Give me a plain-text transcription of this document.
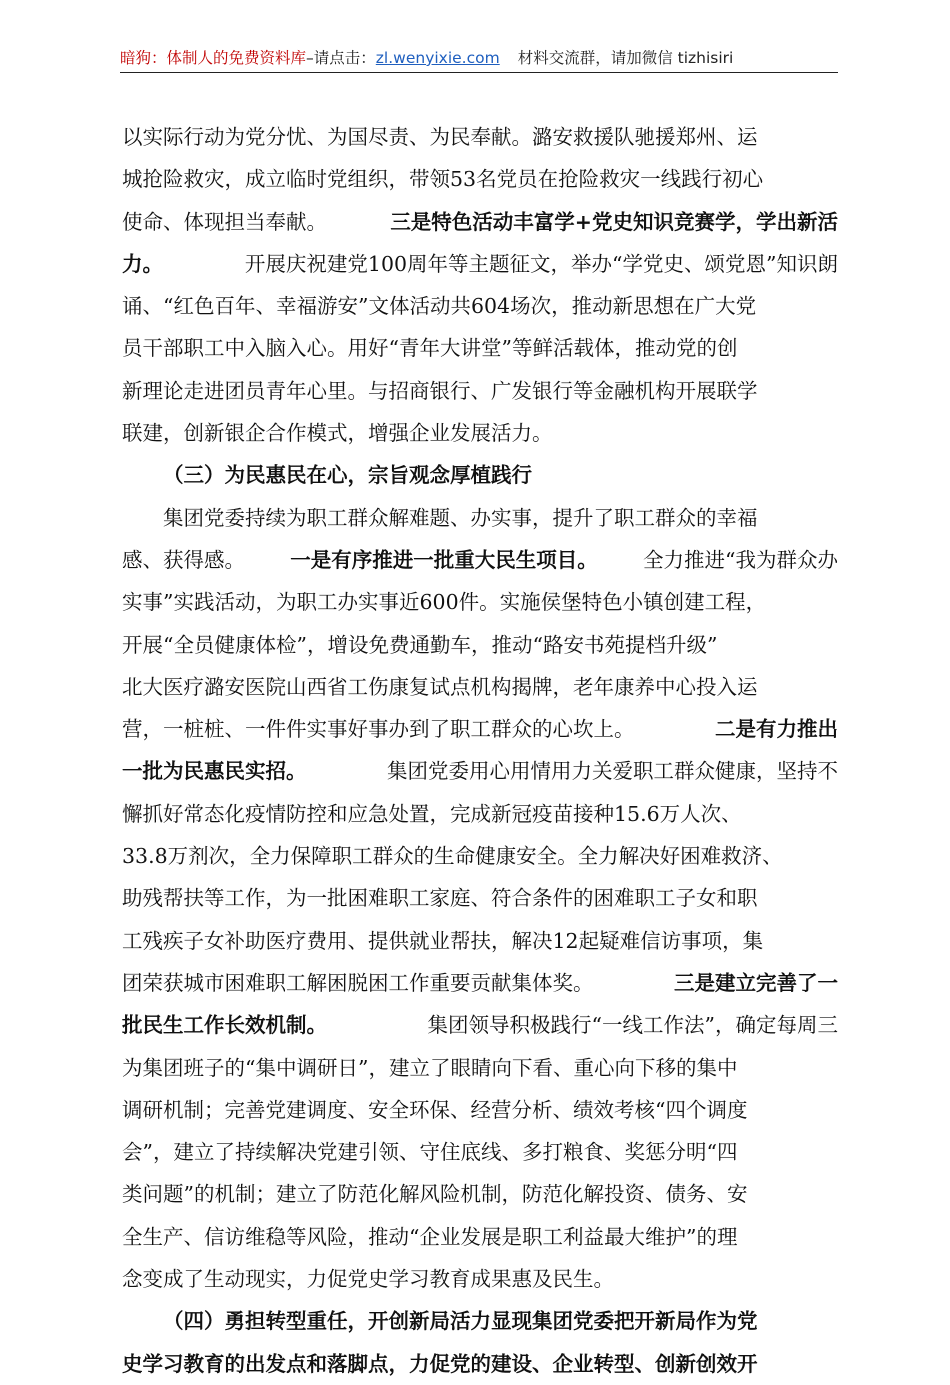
暗狗：体制人的免费资料库–请点击：zl.wenyixie.com 材料交流群，请加微信 tizhisiri
以实际行动为党分忧、为国尽责、为民奉献。潞安救援队驰援郑州、运
城抢险救灾，成立临时党组织，带领53名党员在抢险救灾一线践行初心
使命、体现担当奉献。	三是特色活动丰富学+党史知识竞赛学，学出新活
力。	开展庆祝建党100周年等主题征文，举办“学党史、颂党恩”知识朗
诵、“红色百年、幸福游安”文体活动共604场次，推动新思想在广大党
员干部职工中入脑入心。用好“青年大讲堂”等鲜活载体，推动党的创
新理论走进团员青年心里。与招商银行、广发银行等金融机构开展联学
联建，创新银企合作模式，增强企业发展活力。
（三）为民惠民在心，宗旨观念厚植践行
集团党委持续为职工群众解难题、办实事，提升了职工群众的幸福
感、获得感。 一是有序推进一批重大民生项目。 全力推进“我为群众办
实事”实践活动，为职工办实事近600件。实施侯堡特色小镇创建工程，
开展“全员健康体检”，增设免费通勤车，推动“路安书苑提档升级”
北大医疗潞安医院山西省工伤康复试点机构揭牌，老年康养中心投入运
营，一桩桩、一件件实事好事办到了职工群众的心坎上。	二是有力推出
一批为民惠民实招。	集团党委用心用情用力关爱职工群众健康，坚持不
懈抓好常态化疫情防控和应急处置，完成新冠疫苗接种15.6万人次、
33.8万剂次，全力保障职工群众的生命健康安全。全力解决好困难救济、
助残帮扶等工作，为一批困难职工家庭、符合条件的困难职工子女和职
工残疾子女补助医疗费用、提供就业帮扶，解决12起疑难信访事项，集
团荣获城市困难职工解困脱困工作重要贡献集体奖。	三是建立完善了一
批民生工作长效机制。	集团领导积极践行“一线工作法”，确定每周三
为集团班子的“集中调研日”，建立了眼睛向下看、重心向下移的集中
调研机制；完善党建调度、安全环保、经营分析、绩效考核“四个调度
会”，建立了持续解决党建引领、守住底线、多打粮食、奖惩分明“四
类问题”的机制；建立了防范化解风险机制，防范化解投资、债务、安
全生产、信访维稳等风险，推动“企业发展是职工利益最大维护”的理
念变成了生动现实，力促党史学习教育成果惠及民生。
（四）勇担转型重任，开创新局活力显现集团党委把开新局作为党
史学习教育的出发点和落脚点，力促党的建设、企业转型、创新创效开
